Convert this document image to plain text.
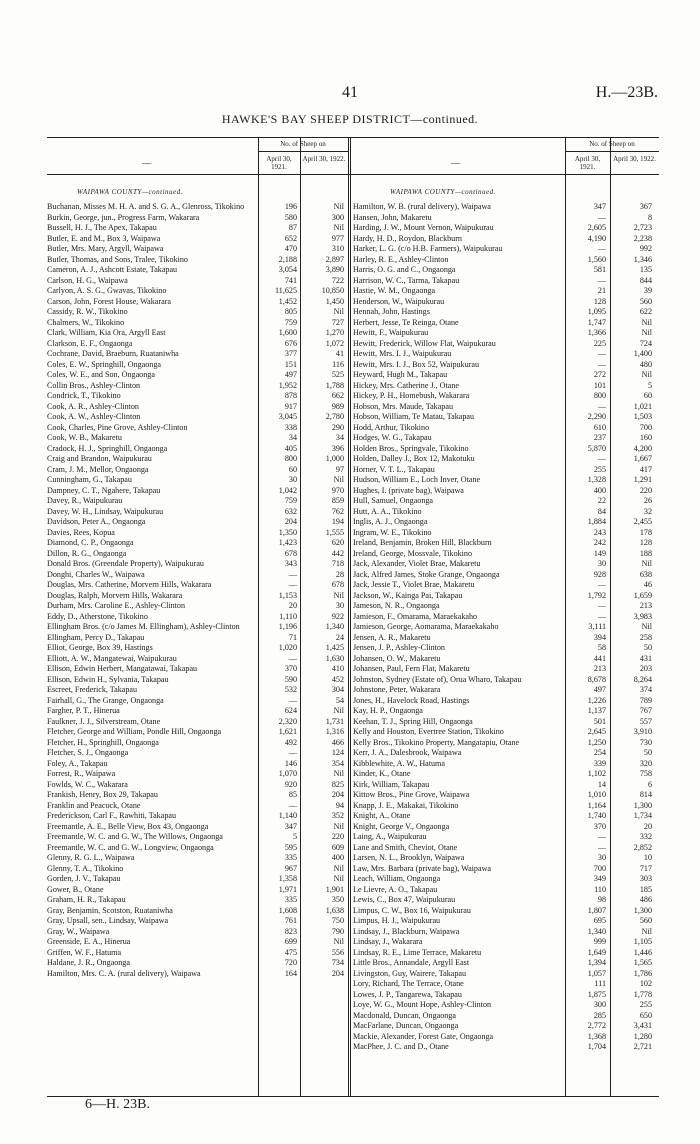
41	H.—23B.
HAWKE'S BAY SHEEP DISTRICT—continued.
—
No. of Sheep on
April 30, 1921.
April 30, 1922.	—
No. of Sheep on
April 30, 1921.
April 30, 1922.
WAIPAWA COUNTY—continued.	WAIPAWA COUNTY—continued.
Buchanan, Misses M. H. A. and S. G. A., Glenross, Tikokino	196	Nil
Burkin, George, jun., Progress Farm, Wakarara	580	300
Bussell, H. J., The Apex, Takapau	87	Nil
Butler, E. and M., Box 3, Waipawa	652	977
Butler, Mrs. Mary, Argyll, Waipawa	470	310
Butler, Thomas, and Sons, Tralee, Tikokino	2,188	2,897
Cameron, A. J., Ashcott Estate, Takapau	3,054	3,890
Carlson, H. G., Waipawa	741	722
Carlyon, A. S. G., Gwavas, Tikokino	11,625	10,850
Carson, John, Forest House, Wakarara	1,452	1,450
Cassidy, R. W., Tikokino	805	Nil
Chalmers, W., Tikokino	759	727
Clark, William, Kia Ora, Argyll East	1,600	1,270
Clarkson, E. F., Ongaonga	676	1,072
Cochrane, David, Braeburn, Ruataniwha	377	41
Coles, E. W., Springhill, Ongaonga	151	116
Coles, W. E., and Son, Ongaonga	497	525
Collin Bros., Ashley-Clinton	1,952	1,788
Condrick, T., Tikokino	878	662
Cook, A. R., Ashley-Clinton	917	989
Cook, A. W., Ashley-Clinton	3,045	2,780
Cook, Charles, Pine Grove, Ashley-Clinton	338	290
Cook, W. B., Makaretu	34	34
Cradock, H. J., Springhill, Ongaonga	405	396
Craig and Brandon, Waipukurau	800	1,000
Cram, J. M., Mellor, Ongaonga	60	97
Cunningham, G., Takapau	30	Nil
Dampney, C. T., Ngahere, Takapau	1,042	970
Davey, R., Waipukurau	759	859
Davey, W. H., Lindsay, Waipukurau	632	762
Davidson, Peter A., Ongaonga	204	194
Davies, Rees, Kopua	1,350	1,555
Diamond, C. P., Ongaonga	1,423	620
Dillon, R. G., Ongaonga	678	442
Donald Bros. (Greendale Property), Waipukurau	343	718
Donghi, Charles W., Waipawa	—	28
Douglas, Mrs. Catherine, Morvern Hills, Wakarara	—	678
Douglas, Ralph, Morvern Hills, Wakarara	1,153	Nil
Durham, Mrs. Caroline E., Ashley-Clinton	20	30
Eddy, D., Atherstone, Tikokino	1,110	922
Ellingham Bros. (c/o James M. Ellingham), Ashley-Clinton	1,196	1,340
Ellingham, Percy D., Takapau	71	24
Elliot, George, Box 39, Hastings	1,020	1,425
Elliott, A. W., Mangatewai, Waipukurau	—	1,630
Ellison, Edwin Herbert, Mangatawai, Takapau	370	410
Ellison, Edwin H., Sylvania, Takapau	590	452
Escreet, Frederick, Takapau	532	304
Fairhall, G., The Grange, Ongaonga	—	54
Fargher, P. T., Hinerua	624	Nil
Faulkner, J. J., Silverstream, Otane	2,320	1,731
Fletcher, George and William, Pondle Hill, Ongaonga	1,621	1,316
Fletcher, H., Springhill, Ongaonga	492	466
Fletcher, S. J., Ongaonga	—	124
Foley, A., Takapau	146	354
Forrest, R., Waipawa	1,070	Nil
Fowlds, W. C., Wakarara	920	825
Frankish, Henry, Box 29, Takapau	85	204
Franklin and Peacock, Otane	—	94
Frederickson, Carl F., Rawhiti, Takapau	1,140	352
Freemantle, A. E., Belle View, Box 43, Ongaonga	347	Nil
Freemantle, W. C. and G. W., The Willows, Ongaonga	5	220
Freemantle, W. C. and G. W., Longview, Ongaonga	595	609
Glenny, R. G. L., Waipawa	335	400
Glenny, T. A., Tikokino	967	Nil
Gorden, J. V., Takapau	1,358	Nil
Gower, B., Otane	1,971	1,901
Graham, H. R., Takapau	335	350
Gray, Benjamin, Scotston, Ruataniwha	1,608	1,638
Gray, Upsall, sen., Lindsay, Waipawa	761	750
Gray, W., Waipawa	823	790
Greenside, E. A., Hinerua	699	Nil
Griffen, W. F., Hatuma	475	556
Haldane, J. R., Ongaonga	720	734
Hamilton, Mrs. C. A. (rural delivery), Waipawa	164	204
Hamilton, W. B. (rural delivery), Waipawa	347	367
Hansen, John, Makaretu	—	8
Harding, J. W., Mount Vernon, Waipukurau	2,605	2,723
Hardy, H. D., Roydon, Blackburn	4,190	2,238
Harker, L. G. (c/o H.B. Farmers), Waipukurau	—	992
Harley, R. E., Ashley-Clinton	1,560	1,346
Harris, O. G. and C., Ongaonga	581	135
Harrison, W. C., Tarma, Takapau	—	844
Hastie, W. M., Ongaonga	21	39
Henderson, W., Waipukurau	128	560
Hennah, John, Hastings	1,095	622
Herbert, Jesse, Te Reinga, Otane	1,747	Nil
Hewitt, F., Waipukurau	1,366	Nil
Hewitt, Frederick, Willow Flat, Waipukurau	225	724
Hewitt, Mrs. I. J., Waipukurau	—	1,400
Hewitt, Mrs. I. J., Box 52, Waipukurau	—	480
Heyward, Hugh M., Takapau	272	Nil
Hickey, Mrs. Catherine J., Otane	101	5
Hickey, P. H., Homebush, Wakarara	800	60
Hobson, Mrs. Maude, Takapau	—	1,021
Hobson, William, Te Matau, Takapau	2,290	1,503
Hodd, Arthur, Tikokino	610	700
Hodges, W. G., Takapau	237	160
Holden Bros., Springvale, Tikokino	5,870	4,200
Holden, Dalley J., Box 12, Makotuku	—	1,667
Horner, V. T. L., Takapau	255	417
Hudson, William E., Loch Inver, Otane	1,328	1,291
Hughes, I. (private bag), Waipawa	400	220
Hull, Samuel, Ongaonga	22	26
Hutt, A. A., Tikokino	84	32
Inglis, A. J., Ongaonga	1,884	2,455
Ingram, W. E., Tikokino	243	178
Ireland, Benjamin, Broken Hill, Blackburn	242	128
Ireland, George, Mossvale, Tikokino	149	188
Jack, Alexander, Violet Brae, Makaretu	30	Nil
Jack, Alfred James, Stoke Grange, Ongaonga	928	638
Jack, Jessie T., Violet Brae, Makaretu	—	46
Jackson, W., Kainga Pai, Takapau	1,792	1,659
Jameson, N. R., Ongaonga	—	213
Jamieson, F., Omarama, Maraekakaho	—	3,983
Jamieson, George, Aomarama, Maraekakaho	3,111	Nil
Jensen, A. R., Makaretu	394	258
Jensen, J. P., Ashley-Clinton	58	50
Johansen, O. W., Makaretu	441	431
Johansen, Paul, Fern Flat, Makaretu	213	203
Johnston, Sydney (Estate of), Orua Wharo, Takapau	8,678	8,264
Johnstone, Peter, Wakarara	497	374
Jones, H., Havelock Road, Hastings	1,226	789
Kay, H. P., Ongaonga	1,137	767
Keehan, T. J., Spring Hill, Ongaonga	501	557
Kelly and Houston, Evertree Station, Tikokino	2,645	3,910
Kelly Bros., Tikokino Property, Mangatapiu, Otane	1,250	730
Kerr, J. A., Dalesbrook, Waipawa	254	50
Kibblewhite, A. W., Hatuma	339	320
Kinder, K., Otane	1,102	758
Kirk, William, Takapau	14	6
Kittow Bros., Pine Grove, Waipawa	1,010	814
Knapp, J. E., Makakai, Tikokino	1,164	1,300
Knight, A., Otane	1,740	1,734
Knight, George V., Ongaonga	370	20
Laing, A., Waipukurau	—	332
Lane and Smith, Cheviot, Otane	—	2,852
Larsen, N. L., Brooklyn, Waipawa	30	10
Law, Mrs. Barbara (private bag), Waipawa	700	717
Leach, William, Ongaonga	349	303
Le Lievre, A. O., Takapau	110	185
Lewis, C., Box 47, Waipukurau	98	486
Limpus, C. W., Box 16, Waipukurau	1,807	1,300
Limpus, H. J., Waipukurau	695	560
Lindsay, J., Blackburn, Waipawa	1,340	Nil
Lindsay, J., Wakarara	999	1,105
Lindsay, R. E., Lime Terrace, Makaretu	1,649	1,446
Little Bros., Annandale, Argyll East	1,394	1,565
Livingston, Guy, Wairere, Takapau	1,057	1,786
Lory, Richard, The Terrace, Otane	111	102
Lowes, J. P., Tangarewa, Takapau	1,875	1,778
Loye, W. G., Mount Hope, Ashley-Clinton	300	255
Macdonald, Duncan, Ongaonga	285	650
MacFarlane, Duncan, Ongaonga	2,772	3,431
Mackie, Alexander, Forest Gate, Ongaonga	1,368	1,280
MacPhee, J. C. and D., Otane	1,704	2,721
6—H. 23B.
